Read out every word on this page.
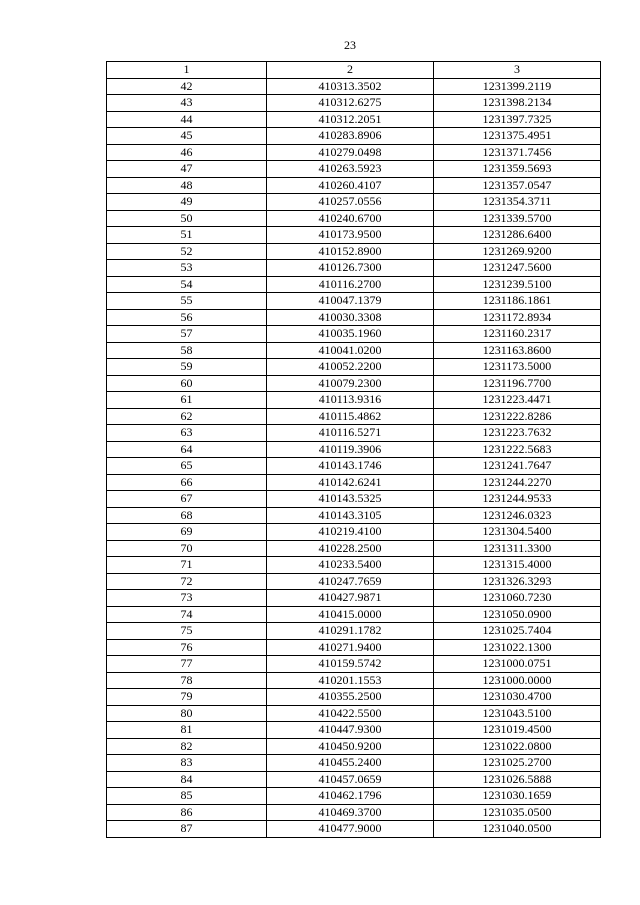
23
1	2	3
42	410313.3502	1231399.2119
43	410312.6275	1231398.2134
44	410312.2051	1231397.7325
45	410283.8906	1231375.4951
46	410279.0498	1231371.7456
47	410263.5923	1231359.5693
48	410260.4107	1231357.0547
49	410257.0556	1231354.3711
50	410240.6700	1231339.5700
51	410173.9500	1231286.6400
52	410152.8900	1231269.9200
53	410126.7300	1231247.5600
54	410116.2700	1231239.5100
55	410047.1379	1231186.1861
56	410030.3308	1231172.8934
57	410035.1960	1231160.2317
58	410041.0200	1231163.8600
59	410052.2200	1231173.5000
60	410079.2300	1231196.7700
61	410113.9316	1231223.4471
62	410115.4862	1231222.8286
63	410116.5271	1231223.7632
64	410119.3906	1231222.5683
65	410143.1746	1231241.7647
66	410142.6241	1231244.2270
67	410143.5325	1231244.9533
68	410143.3105	1231246.0323
69	410219.4100	1231304.5400
70	410228.2500	1231311.3300
71	410233.5400	1231315.4000
72	410247.7659	1231326.3293
73	410427.9871	1231060.7230
74	410415.0000	1231050.0900
75	410291.1782	1231025.7404
76	410271.9400	1231022.1300
77	410159.5742	1231000.0751
78	410201.1553	1231000.0000
79	410355.2500	1231030.4700
80	410422.5500	1231043.5100
81	410447.9300	1231019.4500
82	410450.9200	1231022.0800
83	410455.2400	1231025.2700
84	410457.0659	1231026.5888
85	410462.1796	1231030.1659
86	410469.3700	1231035.0500
87	410477.9000	1231040.0500
